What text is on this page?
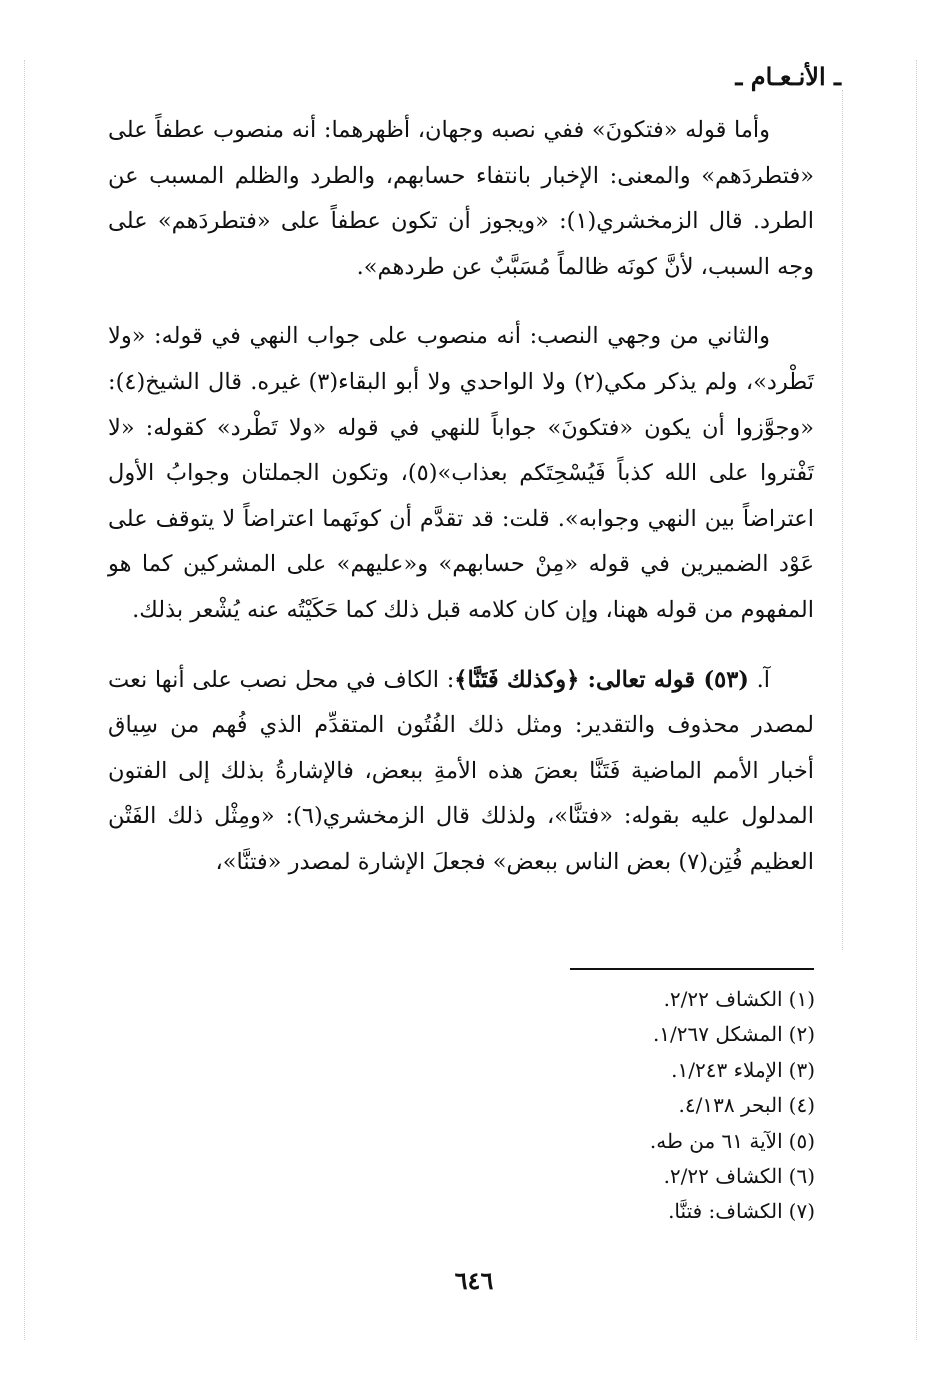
ـ الأنـعـام ـ

وأما قوله «فتكونَ» ففي نصبه وجهان، أظهرهما: أنه منصوب عطفاً على «فتطردَهم» والمعنى: الإخبار بانتفاء حسابهم، والطرد والظلم المسبب عن الطرد. قال الزمخشري(١): «ويجوز أن تكون عطفاً على «فتطردَهم» على وجه السبب، لأنَّ كونَه ظالماً مُسَبَّبٌ عن طردهم».

والثاني من وجهي النصب: أنه منصوب على جواب النهي في قوله: «ولا تَطْرد»، ولم يذكر مكي(٢) ولا الواحدي ولا أبو البقاء(٣) غيره. قال الشيخ(٤): «وجوَّزوا أن يكون «فتكونَ» جواباً للنهي في قوله «ولا تَطْرد» كقوله: «لا تَفْتروا على الله كذباً فَيُسْحِتَكم بعذاب»(٥)، وتكون الجملتان وجوابُ الأول اعتراضاً بين النهي وجوابه». قلت: قد تقدَّم أن كونَهما اعتراضاً لا يتوقف على عَوْد الضميرين في قوله «مِنْ حسابهم» و«عليهم» على المشركين كما هو المفهوم من قوله ههنا، وإن كان كلامه قبل ذلك كما حَكَيْتُه عنه يُشْعر بذلك.

آ. (٥٣) قوله تعالى: ﴿وكذلك فَتَنَّا﴾: الكاف في محل نصب على أنها نعت لمصدر محذوف والتقدير: ومثل ذلك الفُتُون المتقدِّم الذي فُهم من سِياق أخبار الأمم الماضية فَتَنَّا بعضَ هذه الأمةِ ببعض، فالإشارةُ بذلك إلى الفتون المدلول عليه بقوله: «فتنَّا»، ولذلك قال الزمخشري(٦): «ومِثْل ذلك الفَتْن العظيم فُتِن(٧) بعض الناس ببعض» فجعلَ الإشارة لمصدر «فتنَّا»،

(١)الكشاف ٢/٢٢.
(٢)المشكل ١/٢٦٧.
(٣)الإملاء ١/٢٤٣.
(٤)البحر ٤/١٣٨.
(٥)الآية ٦١ من طه.
(٦)الكشاف ٢/٢٢.
(٧)الكشاف: فتنَّا.
٦٤٦
